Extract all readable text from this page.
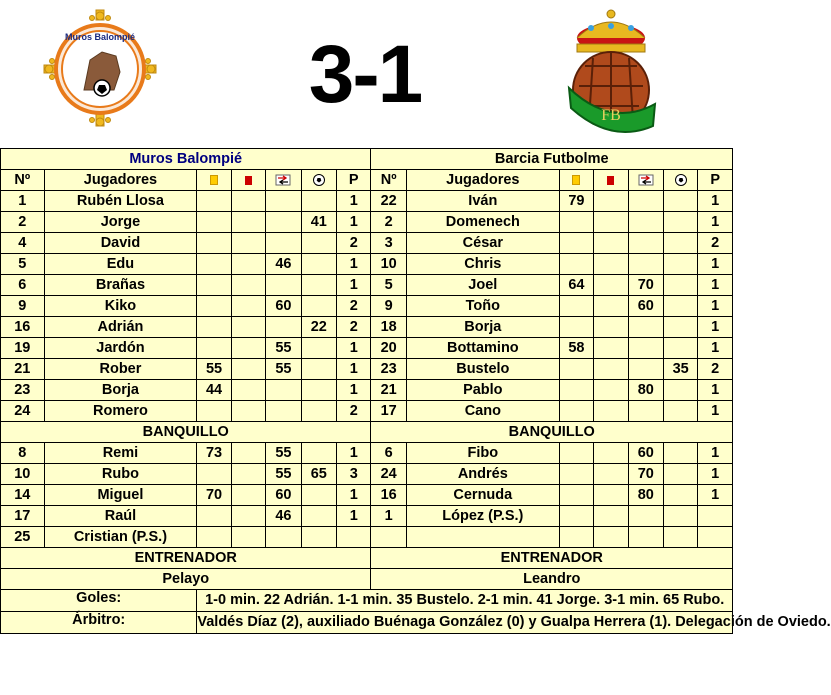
Muros Balompié 3-1	FB
Muros Balompié							Barcia Futbolme						
Nº	Jugadores					P	Nº	Jugadores					P
1	Rubén Llosa					1	22	Iván	79				1
2	Jorge				41	1	2	Domenech					1
4	David					2	3	César					2
5	Edu			46		1	10	Chris					1
6	Brañas					1	5	Joel	64		70		1
9	Kiko			60		2	9	Toño			60		1
16	Adrián				22	2	18	Borja					1
19	Jardón			55		1	20	Bottamino	58				1
21	Rober	55		55		1	23	Bustelo				35	2
23	Borja	44				1	21	Pablo			80		1
24	Romero					2	17	Cano					1
BANQUILLO							BANQUILLO						
8	Remi	73		55		1	6	Fibo			60		1
10	Rubo			55	65	3	24	Andrés			70		1
14	Miguel	70		60		1	16	Cernuda			80		1
17	Raúl			46		1	1	López (P.S.)					
25	Cristian (P.S.)												
ENTRENADOR							ENTRENADOR						
Pelayo							Leandro						
Goles:		1-0 min. 22 Adrián. 1-1 min. 35 Bustelo. 2-1 min. 41 Jorge. 3-1 min. 65 Rubo.											
Árbitro:		Valdés Díaz (2), auxiliado Buénaga González (0) y Gualpa Herrera (1). Delegación de Oviedo.											
